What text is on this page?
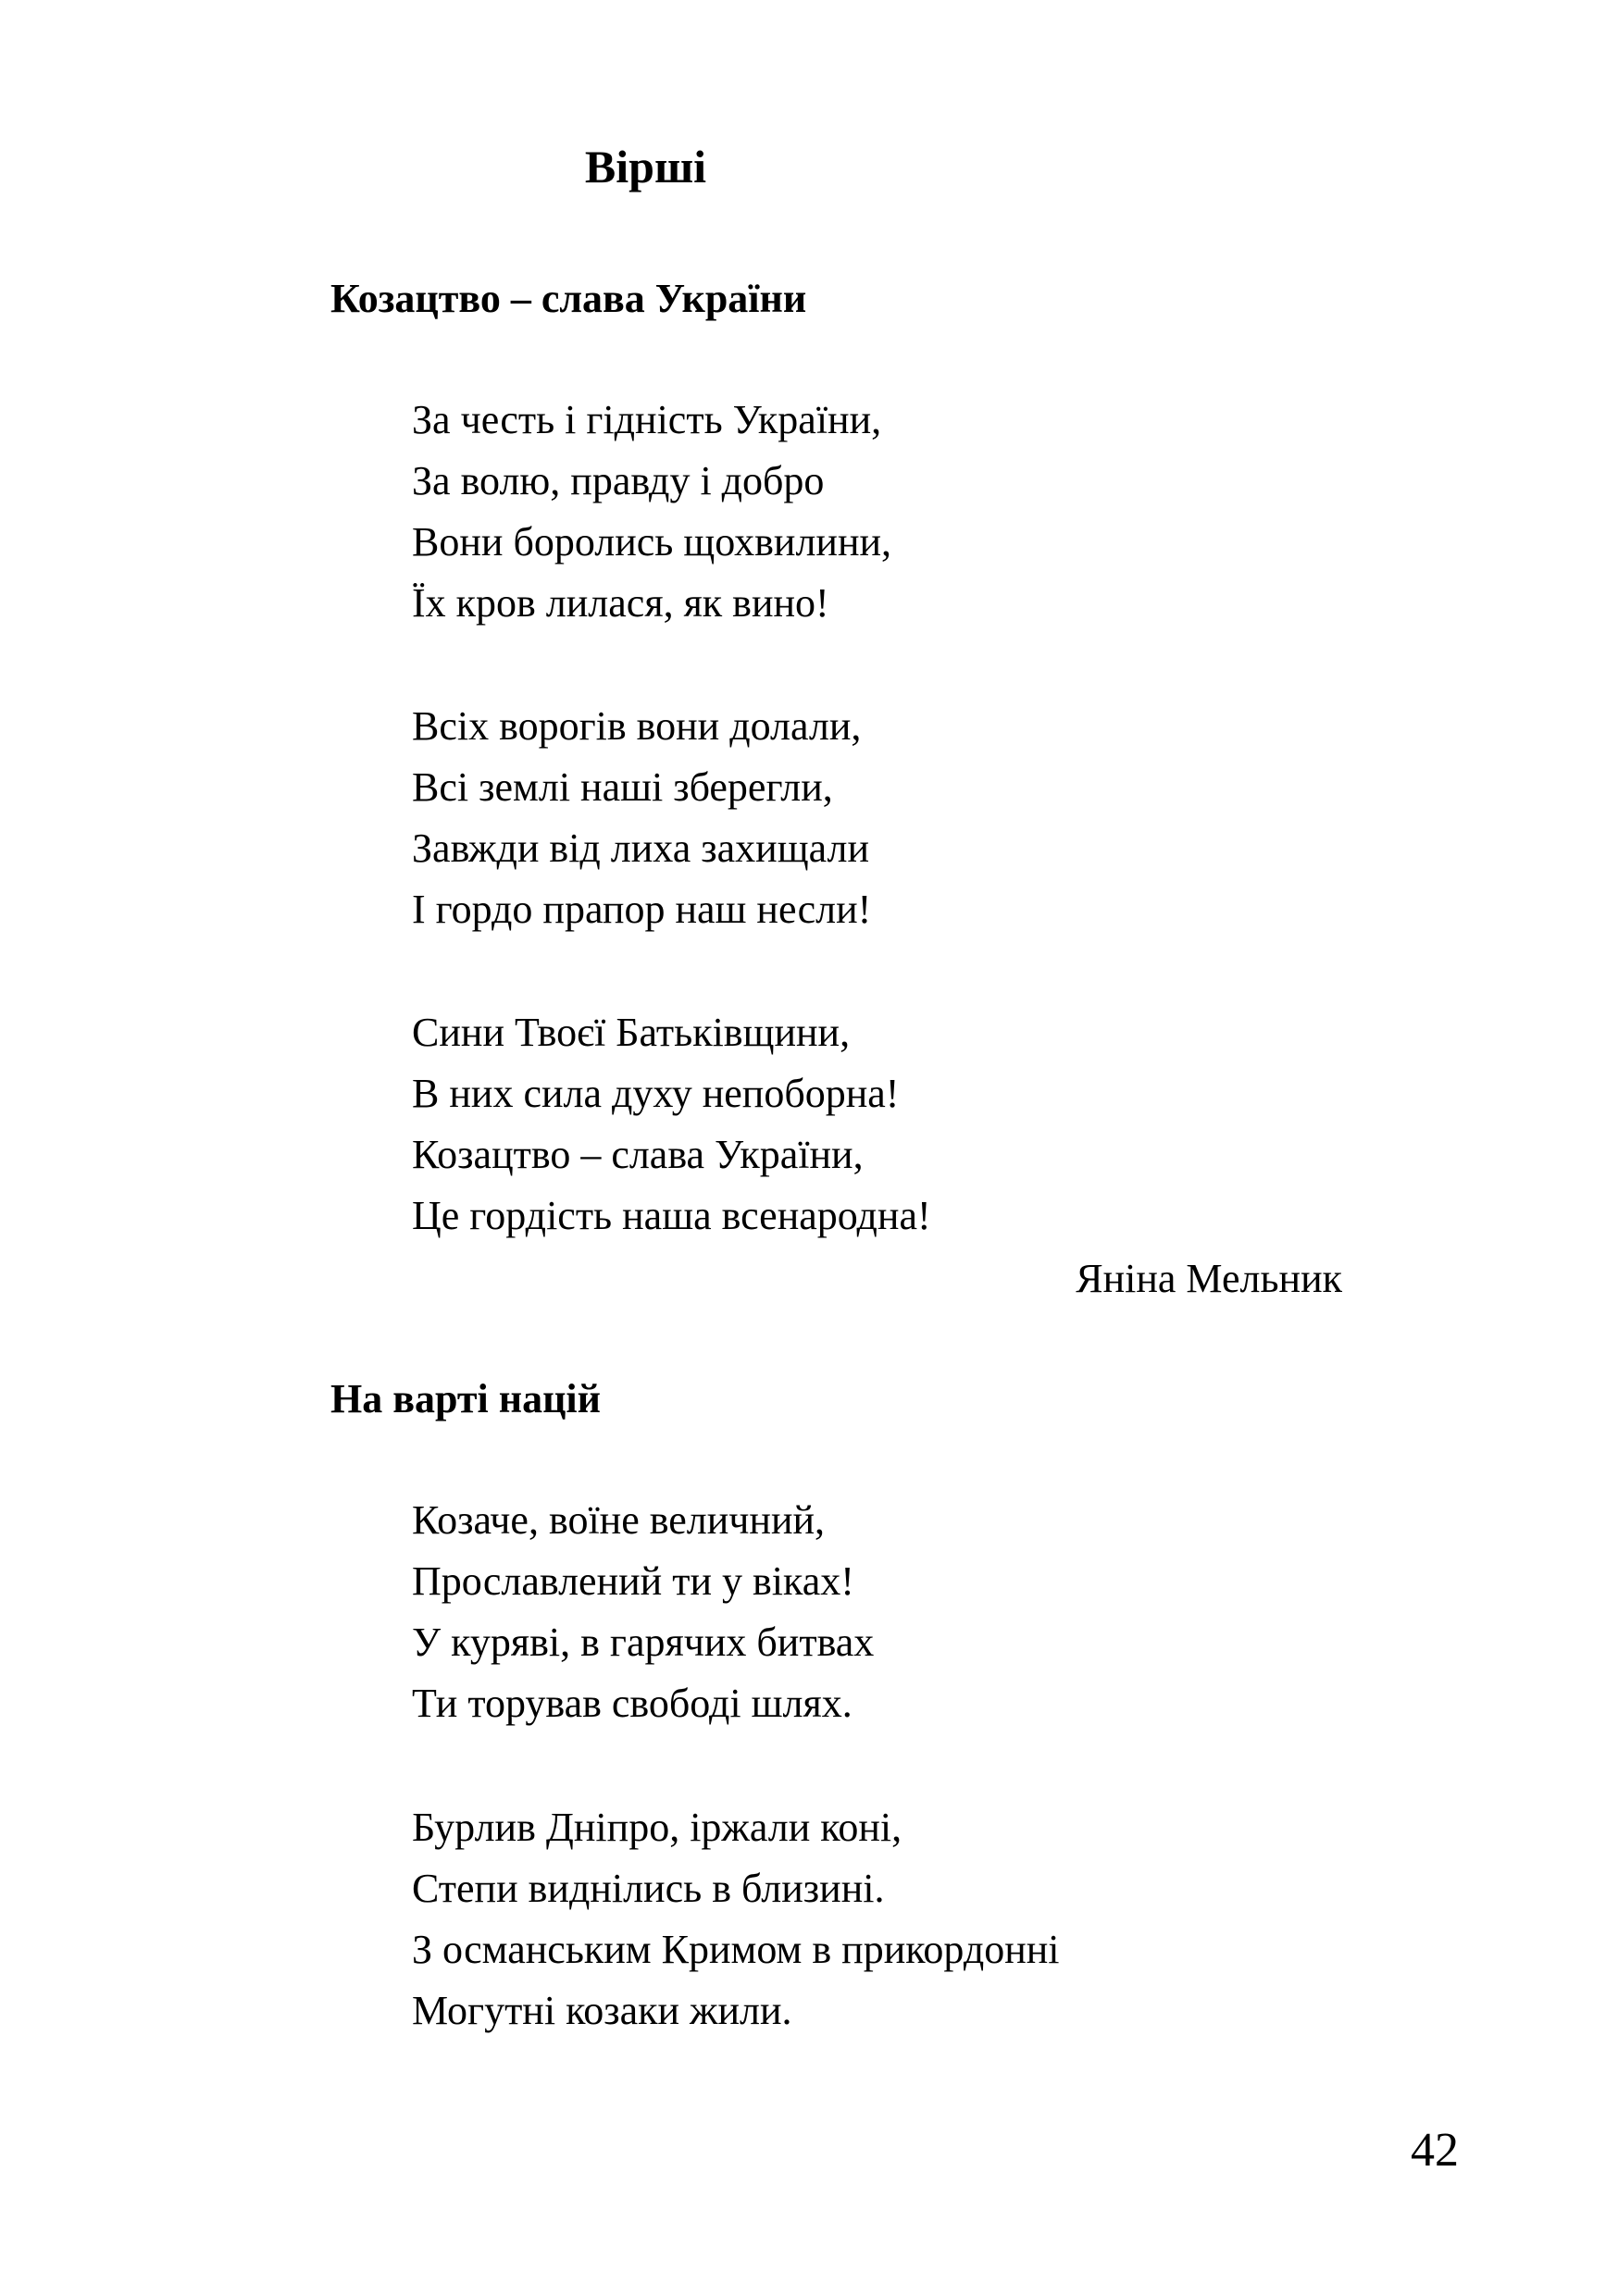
Вірші
Козацтво – слава України
За честь і гідність України,
За волю, правду і добро
Вони боролись щохвилини,
Їх кров лилася, як вино!
Всіх ворогів вони долали,
Всі землі наші зберегли,
Завжди від лиха захищали
І гордо прапор наш несли!
Сини Твоєї Батьківщини,
В них сила духу непоборна!
Козацтво – слава України,
Це гордість наша всенародна!
Яніна Мельник
На варті націй
Козаче, воїне величний,
Прославлений ти у віках!
У куряві, в гарячих битвах
Ти торував свободі шлях.
Бурлив Дніпро, іржали коні,
Степи виднілись в близині.
З османським Кримом в прикордонні
Могутні козаки жили.
42
